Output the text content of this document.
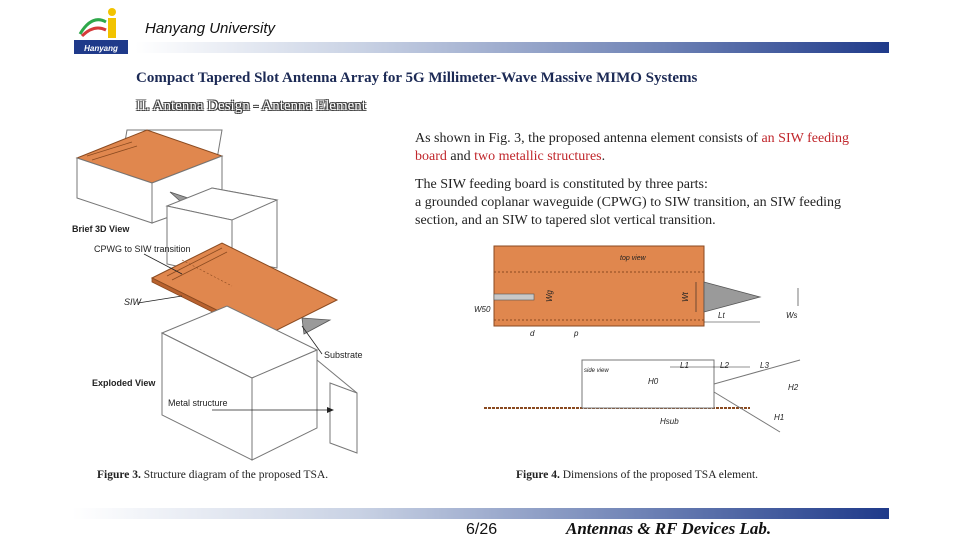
Hanyang
Hanyang University
Compact Tapered Slot Antenna Array for 5G Millimeter-Wave Massive MIMO Systems
II. Antenna Design - Antenna Element
As shown in Fig. 3, the proposed antenna element consists of an SIW feeding board and two metallic structures.
The SIW feeding board is constituted by three parts:
a grounded coplanar waveguide (CPWG) to SIW transition, an SIW feeding section, and an SIW to tapered slot vertical transition.
Brief 3D View
CPWG to SIW transition
SIW
Substrate
Exploded View
Metal structure
top view
Wg
W50
Wt
Lt	Ws
d	p
side view
H0
Hsub
L1	L2	L3
H1
H2
Figure 3. Structure diagram of the proposed TSA.	Figure 4. Dimensions of the proposed TSA element.
6/26	Antennas & RF Devices Lab.
